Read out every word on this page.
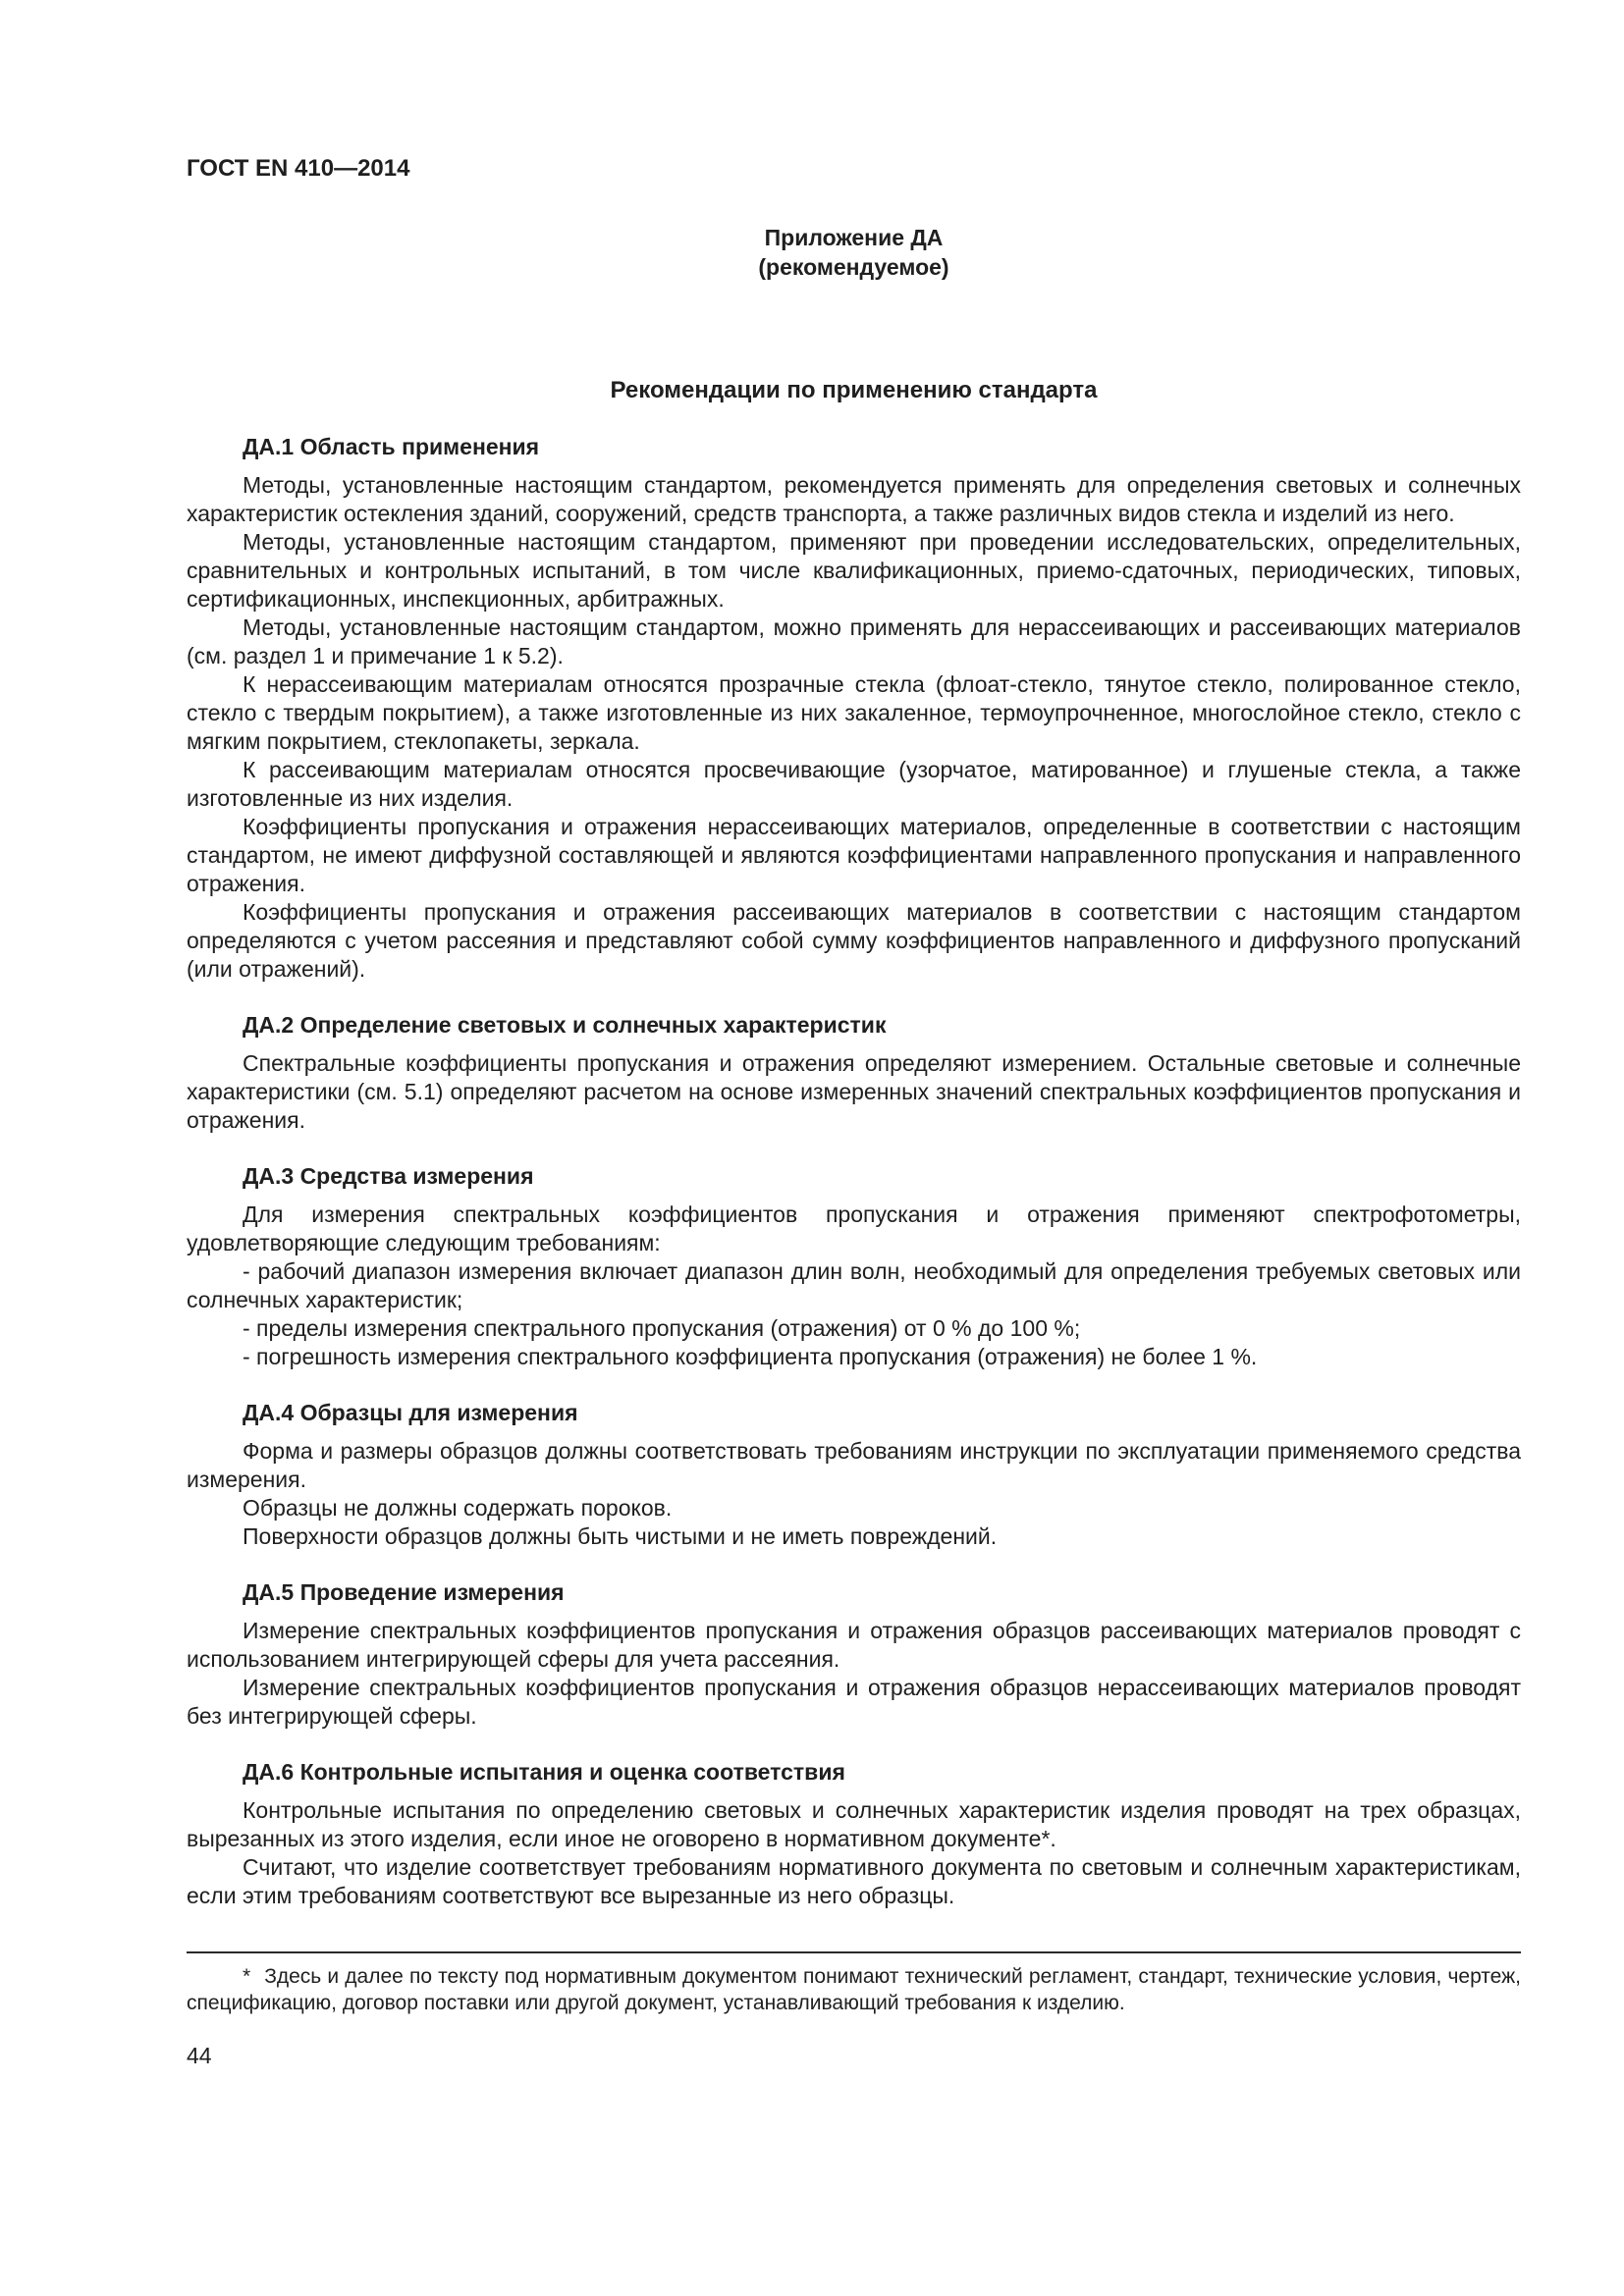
ГОСТ EN 410—2014
Приложение ДА
(рекомендуемое)
Рекомендации по применению стандарта
ДА.1 Область применения

Методы, установленные настоящим стандартом, рекомендуется применять для определения световых и солнечных характеристик остекления зданий, сооружений, средств транспорта, а также различных видов стекла и изделий из него.

Методы, установленные настоящим стандартом, применяют при проведении исследовательских, определительных, сравнительных и контрольных испытаний, в том числе квалификационных, приемо-сдаточных, периодических, типовых, сертификационных, инспекционных, арбитражных.

Методы, установленные настоящим стандартом, можно применять для нерассеивающих и рассеивающих материалов (см. раздел 1 и примечание 1 к 5.2).

К нерассеивающим материалам относятся прозрачные стекла (флоат-стекло, тянутое стекло, полированное стекло, стекло с твердым покрытием), а также изготовленные из них закаленное, термоупрочненное, многослойное стекло, стекло с мягким покрытием, стеклопакеты, зеркала.

К рассеивающим материалам относятся просвечивающие (узорчатое, матированное) и глушеные стекла, а также изготовленные из них изделия.

Коэффициенты пропускания и отражения нерассеивающих материалов, определенные в соответствии с настоящим стандартом, не имеют диффузной составляющей и являются коэффициентами направленного пропускания и направленного отражения.

Коэффициенты пропускания и отражения рассеивающих материалов в соответствии с настоящим стандартом определяются с учетом рассеяния и представляют собой сумму коэффициентов направленного и диффузного пропусканий (или отражений).

ДА.2 Определение световых и солнечных характеристик

Спектральные коэффициенты пропускания и отражения определяют измерением. Остальные световые и солнечные характеристики (см. 5.1) определяют расчетом на основе измеренных значений спектральных коэффициентов пропускания и отражения.

ДА.3 Средства измерения

Для измерения спектральных коэффициентов пропускания и отражения применяют спектрофотометры, удовлетворяющие следующим требованиям:

- рабочий диапазон измерения включает диапазон длин волн, необходимый для определения требуемых световых или солнечных характеристик;

- пределы измерения спектрального пропускания (отражения) от 0 % до 100 %;

- погрешность измерения спектрального коэффициента пропускания (отражения) не более 1 %.

ДА.4 Образцы для измерения

Форма и размеры образцов должны соответствовать требованиям инструкции по эксплуатации применяемого средства измерения.

Образцы не должны содержать пороков.

Поверхности образцов должны быть чистыми и не иметь повреждений.

ДА.5 Проведение измерения

Измерение спектральных коэффициентов пропускания и отражения образцов рассеивающих материалов проводят с использованием интегрирующей сферы для учета рассеяния.

Измерение спектральных коэффициентов пропускания и отражения образцов нерассеивающих материалов проводят без интегрирующей сферы.

ДА.6 Контрольные испытания и оценка соответствия

Контрольные испытания по определению световых и солнечных характеристик изделия проводят на трех образцах, вырезанных из этого изделия, если иное не оговорено в нормативном документе*.

Считают, что изделие соответствует требованиям нормативного документа по световым и солнечным характеристикам, если этим требованиям соответствуют все вырезанные из него образцы.

* Здесь и далее по тексту под нормативным документом понимают технический регламент, стандарт, технические условия, чертеж, спецификацию, договор поставки или другой документ, устанавливающий требования к изделию.

44
